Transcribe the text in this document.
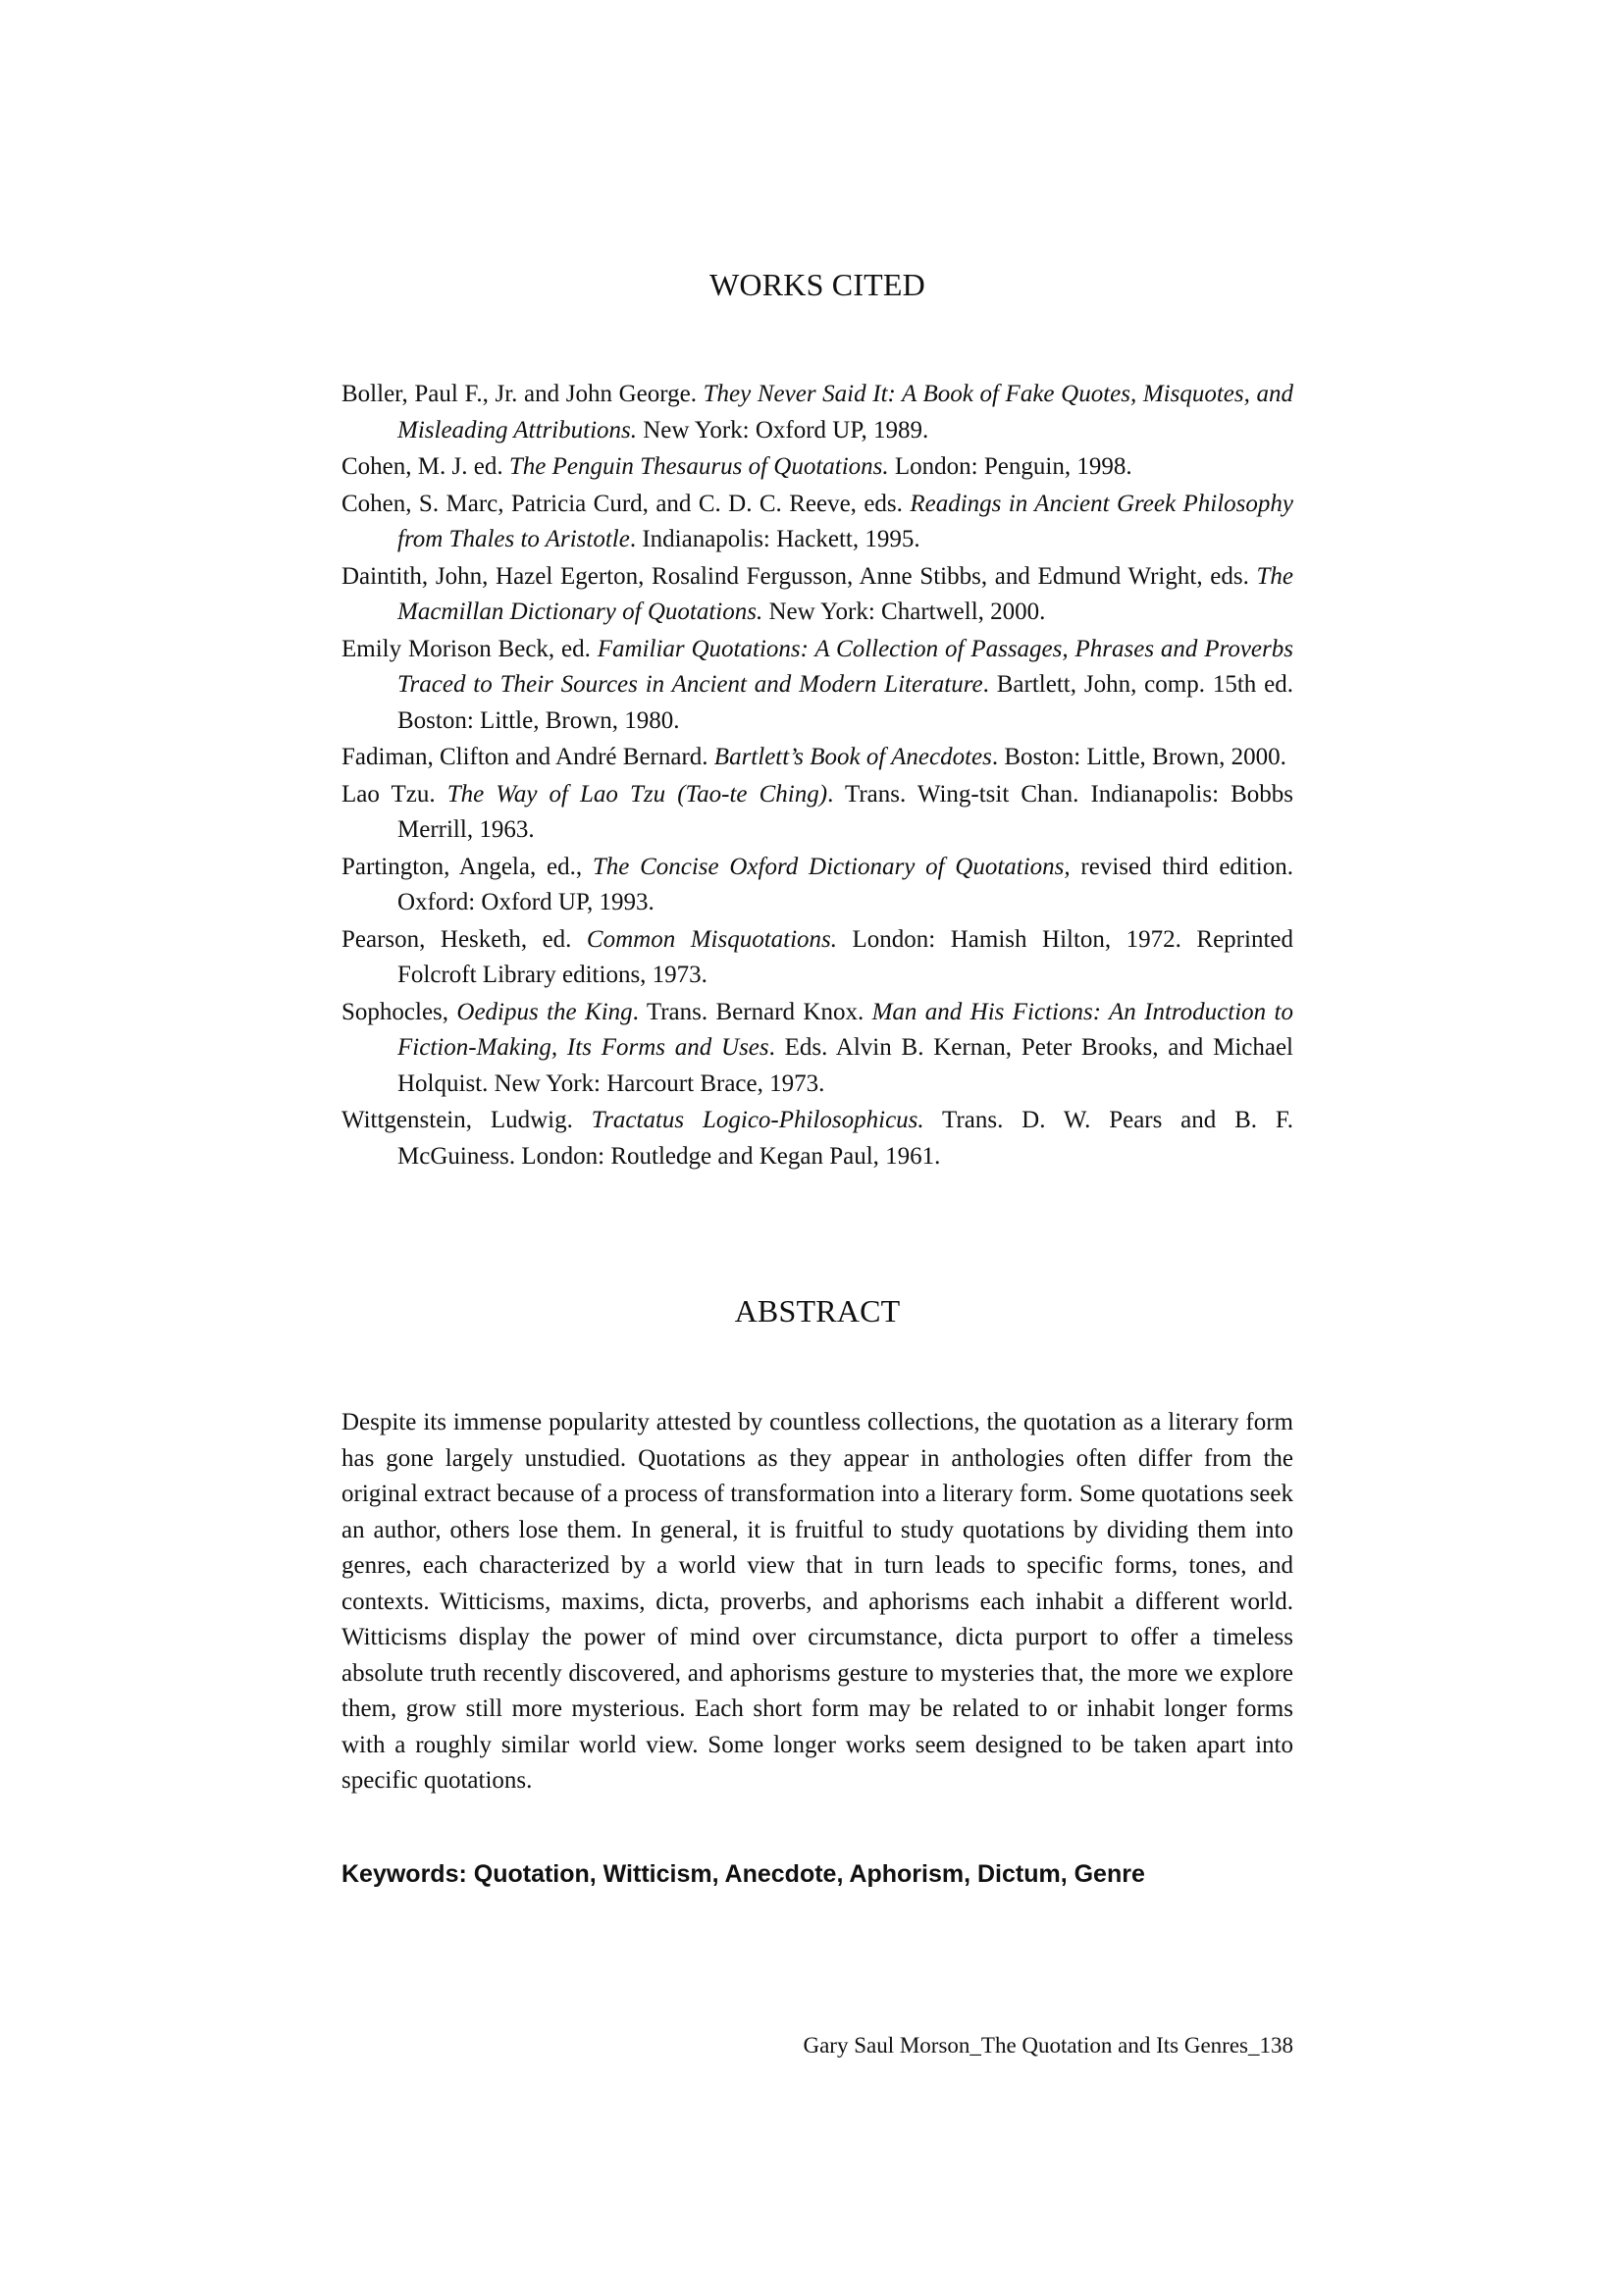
WORKS CITED
Boller, Paul F., Jr. and John George. They Never Said It: A Book of Fake Quotes, Misquotes, and Misleading Attributions. New York: Oxford UP, 1989.
Cohen, M. J. ed. The Penguin Thesaurus of Quotations. London: Penguin, 1998.
Cohen, S. Marc, Patricia Curd, and C. D. C. Reeve, eds. Readings in Ancient Greek Philosophy from Thales to Aristotle. Indianapolis: Hackett, 1995.
Daintith, John, Hazel Egerton, Rosalind Fergusson, Anne Stibbs, and Edmund Wright, eds. The Macmillan Dictionary of Quotations. New York: Chartwell, 2000.
Emily Morison Beck, ed. Familiar Quotations: A Collection of Passages, Phrases and Proverbs Traced to Their Sources in Ancient and Modern Literature. Bartlett, John, comp. 15th ed. Boston: Little, Brown, 1980.
Fadiman, Clifton and André Bernard. Bartlett’s Book of Anecdotes. Boston: Little, Brown, 2000.
Lao Tzu. The Way of Lao Tzu (Tao-te Ching). Trans. Wing-tsit Chan. Indianapolis: Bobbs Merrill, 1963.
Partington, Angela, ed., The Concise Oxford Dictionary of Quotations, revised third edition. Oxford: Oxford UP, 1993.
Pearson, Hesketh, ed. Common Misquotations. London: Hamish Hilton, 1972. Reprinted Folcroft Library editions, 1973.
Sophocles, Oedipus the King. Trans. Bernard Knox. Man and His Fictions: An Introduction to Fiction-Making, Its Forms and Uses. Eds. Alvin B. Kernan, Peter Brooks, and Michael Holquist. New York: Harcourt Brace, 1973.
Wittgenstein, Ludwig. Tractatus Logico-Philosophicus. Trans. D. W. Pears and B. F. McGuiness. London: Routledge and Kegan Paul, 1961.
ABSTRACT

Despite its immense popularity attested by countless collections, the quotation as a literary form has gone largely unstudied. Quotations as they appear in anthologies often differ from the original extract because of a process of transformation into a literary form. Some quotations seek an author, others lose them. In general, it is fruitful to study quotations by dividing them into genres, each characterized by a world view that in turn leads to specific forms, tones, and contexts. Witticisms, maxims, dicta, proverbs, and aphorisms each inhabit a different world. Witticisms display the power of mind over circumstance, dicta purport to offer a timeless absolute truth recently discovered, and aphorisms gesture to mysteries that, the more we explore them, grow still more mysterious. Each short form may be related to or inhabit longer forms with a roughly similar world view. Some longer works seem designed to be taken apart into specific quotations.

Keywords: Quotation, Witticism, Anecdote, Aphorism, Dictum, Genre

Gary Saul Morson_The Quotation and Its Genres_138
